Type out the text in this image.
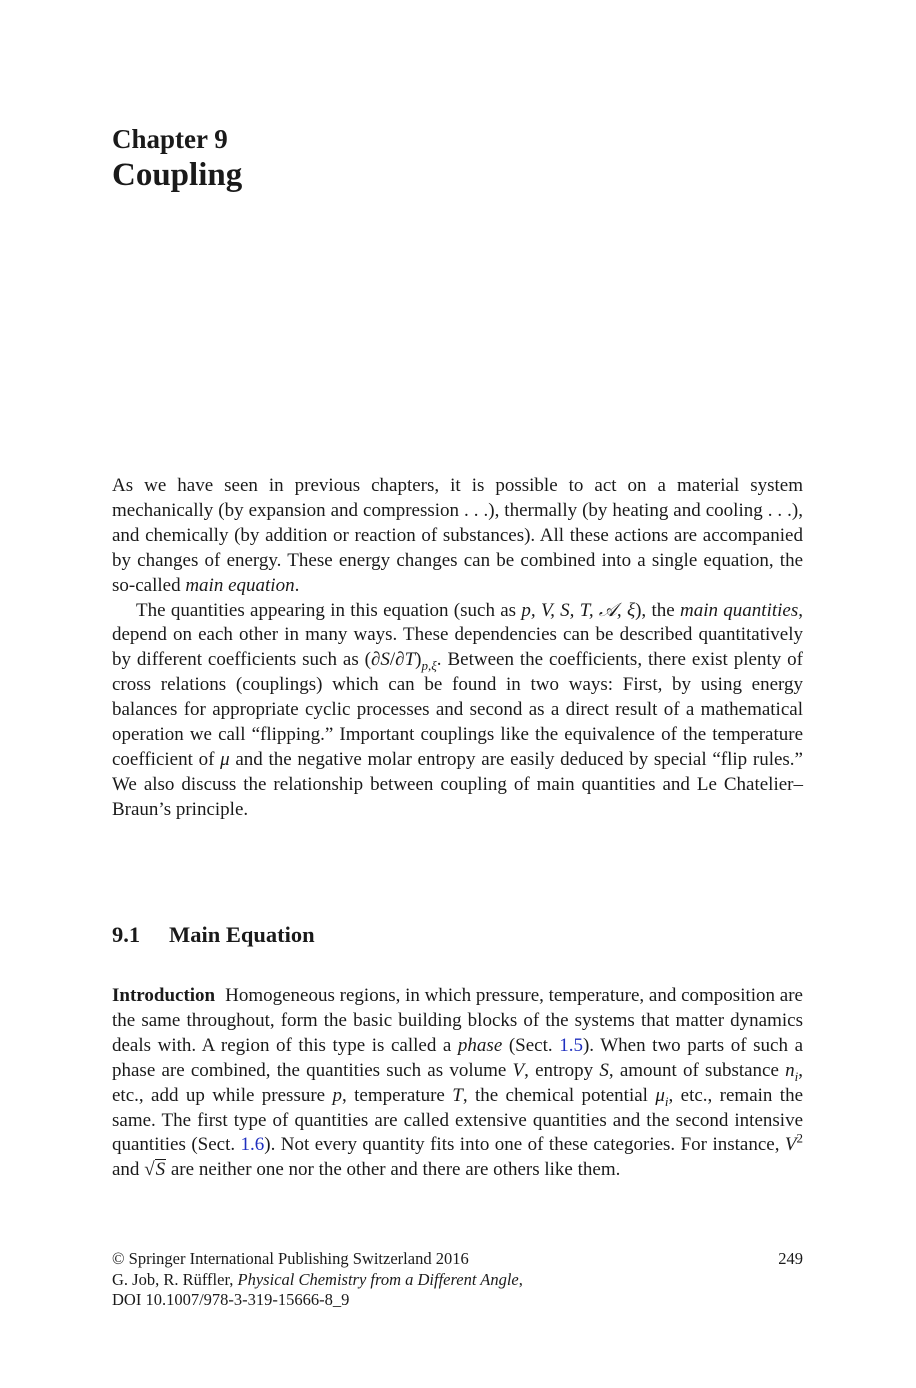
Chapter 9
Coupling

As we have seen in previous chapters, it is possible to act on a material system mechanically (by expansion and compression . . .), thermally (by heating and cooling . . .), and chemically (by addition or reaction of substances). All these actions are accompanied by changes of energy. These energy changes can be combined into a single equation, the so-called main equation.

The quantities appearing in this equation (such as p, V, S, T, 𝒜, ξ), the main quantities, depend on each other in many ways. These dependencies can be described quantitatively by different coefficients such as $(\partial S/\partial T)_{p,\xi}$. Between the coefficients, there exist plenty of cross relations (couplings) which can be found in two ways: First, by using energy balances for appropriate cyclic processes and second as a direct result of a mathematical operation we call “flipping.” Important couplings like the equivalence of the temperature coefficient of μ and the negative molar entropy are easily deduced by special “flip rules.” We also discuss the relationship between coupling of main quantities and Le Chatelier–Braun’s principle.

9.1 Main Equation

Introduction Homogeneous regions, in which pressure, temperature, and composition are the same throughout, form the basic building blocks of the systems that matter dynamics deals with. A region of this type is called a phase (Sect. 1.5). When two parts of such a phase are combined, the quantities such as volume V, entropy S, amount of substance $n_i$, etc., add up while pressure p, temperature T, the chemical potential $\mu_i$, etc., remain the same. The first type of quantities are called extensive quantities and the second intensive quantities (Sect. 1.6). Not every quantity fits into one of these categories. For instance, $V^2$ and √S are neither one nor the other and there are others like them.

© Springer International Publishing Switzerland 2016
G. Job, R. Rüffler, Physical Chemistry from a Different Angle,
DOI 10.1007/978-3-319-15666-8_9
249
